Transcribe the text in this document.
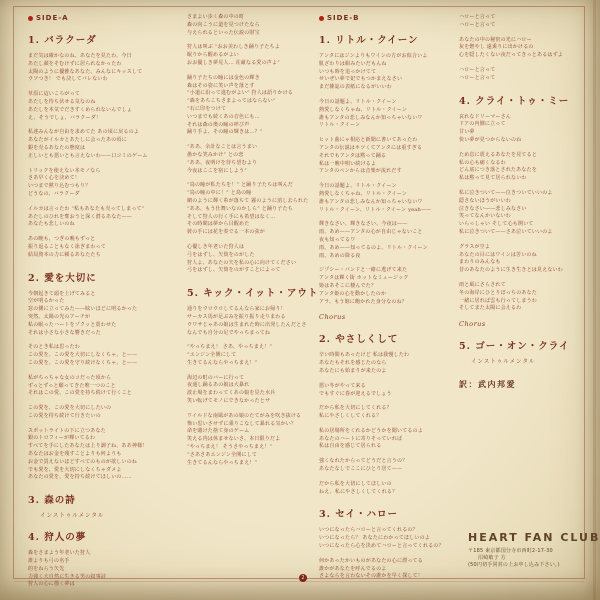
SIDE-A
1. バラクーダ
まだ気は確かなのね、あなたを見たわ、今日
あたし顔をそむけずに居られなかったわ
太陽のように優雅なあなた、みんなにキッスして
ウソつき！ でも決してバレないわ
草原に這いころがって
あたしを待ち伏せる気なのね
あたしを本気でだきすくめられないんでしょ
え、そうでしょ、バラクーダ！
私達みんなが自由を求めてた あの頃に戻るのよ
あなたがイルカとあたしに会ったあの頃に
銀を売るあなたの態度は
正しいとも悪いとも言えないわ——口コミのゲーム
トリックを使えない本モノなら
さあ早く心を決めて！
いつまで黙り込むつもり？
どうなの、バラクーダ
イルカは言ったわ “私もあなたも売ってしまって”
あたしのひれを奪おうと深く潜るあなた——
あなたも悲しいのね
あの晩も、つぎの晩もずっと
振り返ることもなく泳ぎまわって
結局資本の力に頼るあなたたち
2. 愛を大切に
今朝起きて頭を上げてみると
空が明るかった
窓の側に立ってみた——眩いほどに明るかった
突然、太陽の光のアーチが
私の眠ったハートをゾクッと震わせた
それは小さな小さな響きだった
そのとき私は思ったわ
この愛を、この愛を大切にしなくちゃ、と——
この愛を、この愛を守り続けなくちゃ、と——
私がちっちゃな女のコだった頃から
ずっとずっと願ってきた唯一つのこと
それはこの愛、この愛を持ち続けて行くこと
この愛を、この愛を大切にしたいの
この愛を持ち続けて行きたいの
スポットライトの下に立つあなた
銀のトロフィーが輝いてるわ
すべてを手にしたあなたは上り調子ね、ああ神様！
あなたはお金を残すことよりも何よりも
お金で買えないほどすべてのものが欲しいのね
でも愛を、愛を大切にしなくちゃダメよ
あなたの愛を、愛を持ち続けてほしいの……
3. 森の詩
インストゥルメンタル
4. 狩人の夢
森をさまよう年老いた狩人
誰よりも弓の名手
的をねらう矢先
力強く大自然に生きる男の叙事詩
狩人の心に描く夢は
さまよい歩く森の中の町
森の向こうに道を見つけたなら
与えられるといった伝説の財宝
狩人は叫ぶ “おお美わしき踊り子たちよ
眠りから醒めるがよい
おお優しき夢見人… 荘厳なる愛の声よ”
踊り子たちの瞳には金色の輝き
森はその姿に笑い声を落とす
“小道に沿って進むがよい” 狩人は語りかける
“森をあちこちさまよってはならない”
“石に印をつけて
いつまでも続くあの音色にも…
それは森の奥の瞳の呼び声
踊り手よ、その瞳の輝きは…？”
“ああ、余計なことは言うまい
愚かな笑みかけ” との恋
“ああ、夜明けを待ち望むより
今夜はここを宿にしよう”
“鳥の瞳が私たちを！” と踊り子たちは叫んだ
“鳥の瞳の中に！” と鳥の瞳
網のように輝く糸が落ちて 霧のように消し去られた
“ああ、もう仕舞いなのかしら” と踊り子たち
そして狩人の行く手にも希望はなく…
その時間は夢から目醒めた
彼の手には花を奏でる一本の弦が
心優しき年老いた狩人は
弓をはずし、矢筒をのがした
狩人よ、あなたの矢を私の心に向けてください
弓をはずし、矢筒をのがすことによって
5. キック・イット・アウト
通りをウロウロしてるんなら家にお帰り！
サーカス馬が足ぶみを振り振り走りまわる
ウワサじゃあの娘は生まれた時に出発したんだとさ
なんでも自分の足でやっちまってね
“やっちまえ！ さあ、やっちまえ！”
“エンジン全開にして
生きてるんならやっちまえ！”
海辺の町のバーに行って
夜通し踊るあの娘は大暴れ
波止場をまわってくあの娘を見た水兵
笑い転げてモノにできなかったとサ
ワイルドな南風があの娘のたてがみを吹き抜ける
怖い思いさせずに乗りこなして暴れる気かい？
命を賭けた捨て身のゲーム
笑える内は休ませないさ、本日限りだよ
“やっちまえ！ そうさやっちまえ！”
“さあさあエンジン全開にして
生きてるんならやっちまえ！”
SIDE-B
1. リトル・クイーン
アンタにはジンよりもワインの方がお似合いよ
肌ざわりは絹みたいだもんね
いつも時を追っかけてて
せいぜい夢で妃でもつかまえなさい
まだ雑誌の表紙になるがいいわ
今日の話題よ、リトル・クイーン
熱愛しなくちゃね、リトル・クイーン
誰もアンタの悲しみなんか知っちゃいないワ
リトル・クイーン
ヒット曲にゃ相応と新聞に書いてあったわ
アンタの伝説はキツくてアンタには重すぎる
それでもアンタは黙って踊る
私は一晩中唄い続けるよ
アンタのペンからは音楽が流れだす
今日の話題よ、リトル・クイーン
熱愛しなくちゃね、リトル・クイーン
誰もアンタの悲しみなんか知っちゃいないワ
リトル・クイーン、リトル・クイーン yeah——
輝きなさい、輝きなさい、今夜は——
雨、あめ——アンタの心が自由じゃないこと
夜も知ってるワ
雨、あめ——知ってるのよ、リトル・クイーン
雨、あめの降る夜
ジプシー・バンドと一緒に逃げて来た
アンタは輝く街 ホットなミュージック
姫はあそこに棲んでた？
アンタ姫の心を動かしたのか
アラ、もう姫に飽かれた身分なのね？
Chorus
2. やさしくして
辛い時間もあったけど 私は我慢したわ
あなたもそれを感じたのなら
あなたにも始まりが来たのよ
悪い冬がやって来る
でもすぐに春が迎えるでしょう
だから私を大切にしてくれる？
私にやさしくしてくれる？
私の居場所をくれるかどうかを聞いてるのよ
あなたのハートに寄りそっていれば
私は自由を感じて居られる
強くなれたからってどうだと言うの？
あなたなしでここにひとり居て——
だから私を大切にしてほしいの
ねえ、私にやさしくしてくれる？
3. セイ・ハロー
いつになったらハローと言ってくれるの？
いつになったら？ あなたにわかってほしいのよ
いつになったら心を決めてハローと言ってくれるの？
何かあったかいものがあなたの心に漂ってる
誰かがあなたを呼んでるのよ
さよならを言わないその誰かを早く探して！
ハローと言って
ハローと言って
あなたの中の秘密の光にハロー
灰を燃やし 遠乗りに出かけるの
心を隠したくない夜だってきっとあるはずよ
ハローと言って
ハローと言って
4. クライ・トゥ・ミー
哀れなドリーマーさん
ドアの内側に立って
甘い夢
快い夢が見つからないのね
ため息に震えるあなたを見てると
私の心も痛くなるわ
どん底につき落とされたあなたを
私は黙って見て居られないわ
私に泣きついて——泣きついていいのよ
隠さないほうがいいわ
泣きなさい——悲しみなさい
笑ってなんかいないわ
いらっしゃい そして心も開いて
私に泣きついて——さあ泣いていいのよ
グラスが空よ
あなたの目にはワインは苦いのね
まわりのみんなも
昔のあなたのように生き生きとは見えないわ
雨と風にさらされて
冬の海岸にひとりぼっちのあなた
一緒に居れば雲も行ってしまうわ
そしてまた太陽に会えるわ
Chorus
5. ゴー・オン・クライ
インストゥルメンタル
訳：武内邦愛
HEART FAN CLUB
〒185 東京都国分寺市西町2-17-30
沼崎敏子 方
(50円切手同封の上お申し込み下さい。)
2
